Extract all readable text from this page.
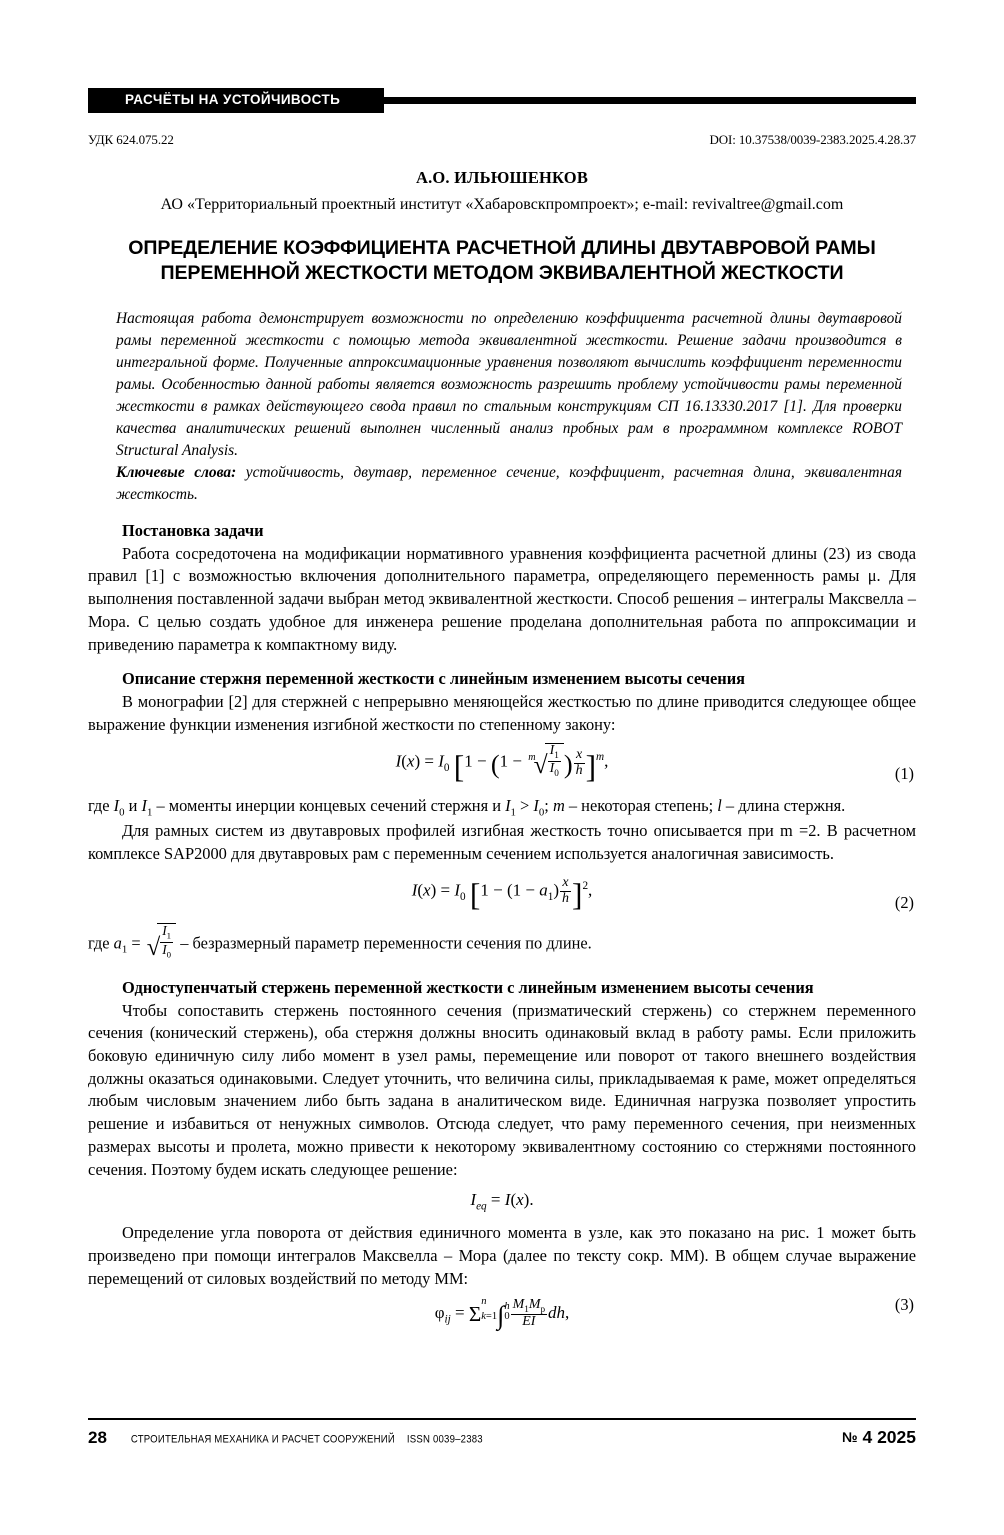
РАСЧЁТЫ НА УСТОЙЧИВОСТЬ
УДК 624.075.22	DOI: 10.37538/0039-2383.2025.4.28.37
А.О. ИЛЬЮШЕНКОВ
АО «Территориальный проектный институт «Хабаровскпромпроект»; e-mail: revivaltree@gmail.com
ОПРЕДЕЛЕНИЕ КОЭФФИЦИЕНТА РАСЧЕТНОЙ ДЛИНЫ ДВУТАВРОВОЙ РАМЫ
ПЕРЕМЕННОЙ ЖЕСТКОСТИ МЕТОДОМ ЭКВИВАЛЕНТНОЙ ЖЕСТКОСТИ

Настоящая работа демонстрирует возможности по определению коэффициента расчетной длины двутавровой рамы переменной жесткости с помощью метода эквивалентной жесткости. Решение задачи производится в интегральной форме. Полученные аппроксимационные уравнения позволяют вычислить коэффициент переменности рамы. Особенностью данной работы является возможность разрешить проблему устойчивости рамы переменной жесткости в рамках действующего свода правил по стальным конструкциям СП 16.13330.2017 [1]. Для проверки качества аналитических решений выполнен численный анализ пробных рам в программном комплексе ROBOT Structural Analysis.

Ключевые слова: устойчивость, двутавр, переменное сечение, коэффициент, расчетная длина, эквивалентная жесткость.

Постановка задачи

Работа сосредоточена на модификации нормативного уравнения коэффициента расчетной длины (23) из свода правил [1] с возможностью включения дополнительного параметра, определяющего переменность рамы μ. Для выполнения поставленной задачи выбран метод эквивалентной жесткости. Способ решения – интегралы Максвелла – Мора. С целью создать удобное для инженера решение проделана дополнительная работа по аппроксимации и приведению параметра к компактному виду.

Описание стержня переменной жесткости с линейным изменением высоты сечения

В монографии [2] для стержней с непрерывно меняющейся жесткостью по длине приводится следующее общее выражение функции изменения изгибной жесткости по степенному закону:

$I(x) = I_0$ [$1 - (1 - ^m√ \frac{I_1}{I_0}$ ) $\frac{x}{h} ]^m$,
(1)

где $I_0$ и $I_1$ – моменты инерции концевых сечений стержня и $I_1 > I_0$; m – некоторая степень; l – длина стержня.

Для рамных систем из двутавровых профилей изгибная жесткость точно описывается при m =2. В расчетном комплексе SAP2000 для двутавровых рам с переменным сечением используется аналогичная зависимость.

$I(x) = I_0$ $[1 - (1 - a_1) \frac{x}{h} ]^2$,
(2)

где $a_1$ = √ $\frac{I_1}{I_0}$ – безразмерный параметр переменности сечения по длине.

Одноступенчатый стержень переменной жесткости с линейным изменением высоты сечения

Чтобы сопоставить стержень постоянного сечения (призматический стержень) со стержнем переменного сечения (конический стержень), оба стержня должны вносить одинаковый вклад в работу рамы. Если приложить боковую единичную силу либо момент в узел рамы, перемещение или поворот от такого внешнего воздействия должны оказаться одинаковыми. Следует уточнить, что величина силы, прикладываемая к раме, может определяться любым числовым значением либо быть задана в аналитическом виде. Единичная нагрузка позволяет упростить решение и избавиться от ненужных символов. Отсюда следует, что раму переменного сечения, при неизменных размерах высоты и пролета, можно привести к некоторому эквивалентному состоянию со стержнями постоянного сечения. Поэтому будем искать следующее решение:

$I_{eq} = I(x)$.

Определение угла поворота от действия единичного момента в узле, как это показано на рис. 1 может быть произведено при помощи интегралов Максвелла – Мора (далее по тексту сокр. ММ). В общем случае выражение перемещений от силовых воздействий по методу ММ:

$\varphi_{ij} = \Sigma^n$
k=1∫h
$0 \frac{M_1M_р}{EI}$ dh,	(3)
28	СТРОИТЕЛЬНАЯ МЕХАНИКА И РАСЧЕТ СООРУЖЕНИЙ ISSN 0039–2383	№ 4 2025
